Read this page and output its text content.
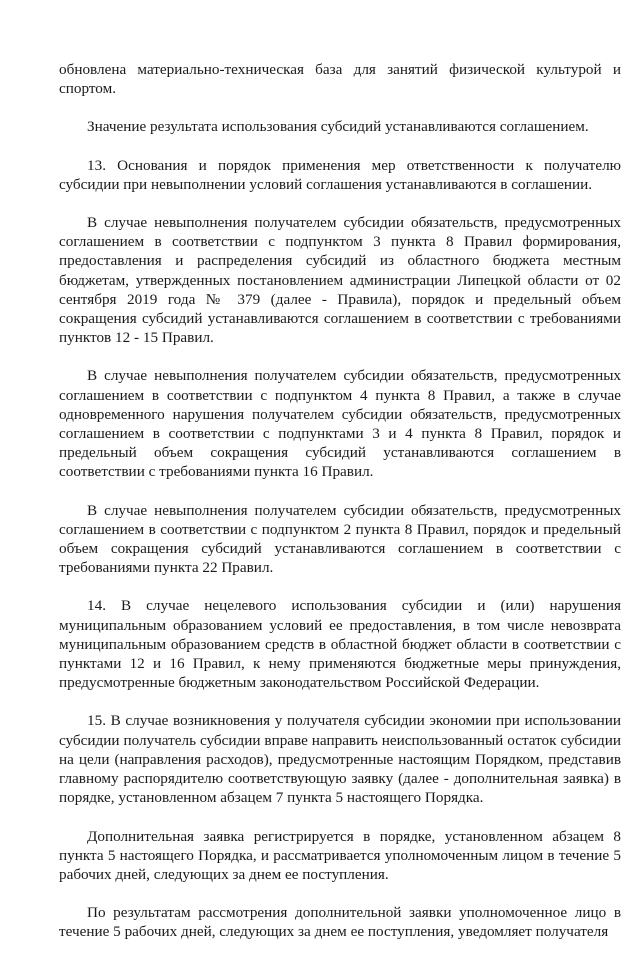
обновлена материально-техническая база для занятий физической культурой и спортом.

Значение результата использования субсидий устанавливаются соглашением.

13. Основания и порядок применения мер ответственности к получателю субсидии при невыполнении условий соглашения устанавливаются в соглашении.

В случае невыполнения получателем субсидии обязательств, предусмотренных соглашением в соответствии с подпунктом 3 пункта 8 Правил формирования, предоставления и распределения субсидий из областного бюджета местным бюджетам, утвержденных постановлением администрации Липецкой области от 02 сентября 2019 года № 379 (далее - Правила), порядок и предельный объем сокращения субсидий устанавливаются соглашением в соответствии с требованиями пунктов 12 - 15 Правил.

В случае невыполнения получателем субсидии обязательств, предусмотренных соглашением в соответствии с подпунктом 4 пункта 8 Правил, а также в случае одновременного нарушения получателем субсидии обязательств, предусмотренных соглашением в соответствии с подпунктами 3 и 4 пункта 8 Правил, порядок и предельный объем сокращения субсидий устанавливаются соглашением в соответствии с требованиями пункта 16 Правил.

В случае невыполнения получателем субсидии обязательств, предусмотренных соглашением в соответствии с подпунктом 2 пункта 8 Правил, порядок и предельный объем сокращения субсидий устанавливаются соглашением в соответствии с требованиями пункта 22 Правил.

14. В случае нецелевого использования субсидии и (или) нарушения муниципальным образованием условий ее предоставления, в том числе невозврата муниципальным образованием средств в областной бюджет области в соответствии с пунктами 12 и 16 Правил, к нему применяются бюджетные меры принуждения, предусмотренные бюджетным законодательством Российской Федерации.

15. В случае возникновения у получателя субсидии экономии при использовании субсидии получатель субсидии вправе направить неиспользованный остаток субсидии на цели (направления расходов), предусмотренные настоящим Порядком, представив главному распорядителю соответствующую заявку (далее - дополнительная заявка) в порядке, установленном абзацем 7 пункта 5 настоящего Порядка.

Дополнительная заявка регистрируется в порядке, установленном абзацем 8 пункта 5 настоящего Порядка, и рассматривается уполномоченным лицом в течение 5 рабочих дней, следующих за днем ее поступления.

По результатам рассмотрения дополнительной заявки уполномоченное лицо в течение 5 рабочих дней, следующих за днем ее поступления, уведомляет получателя
